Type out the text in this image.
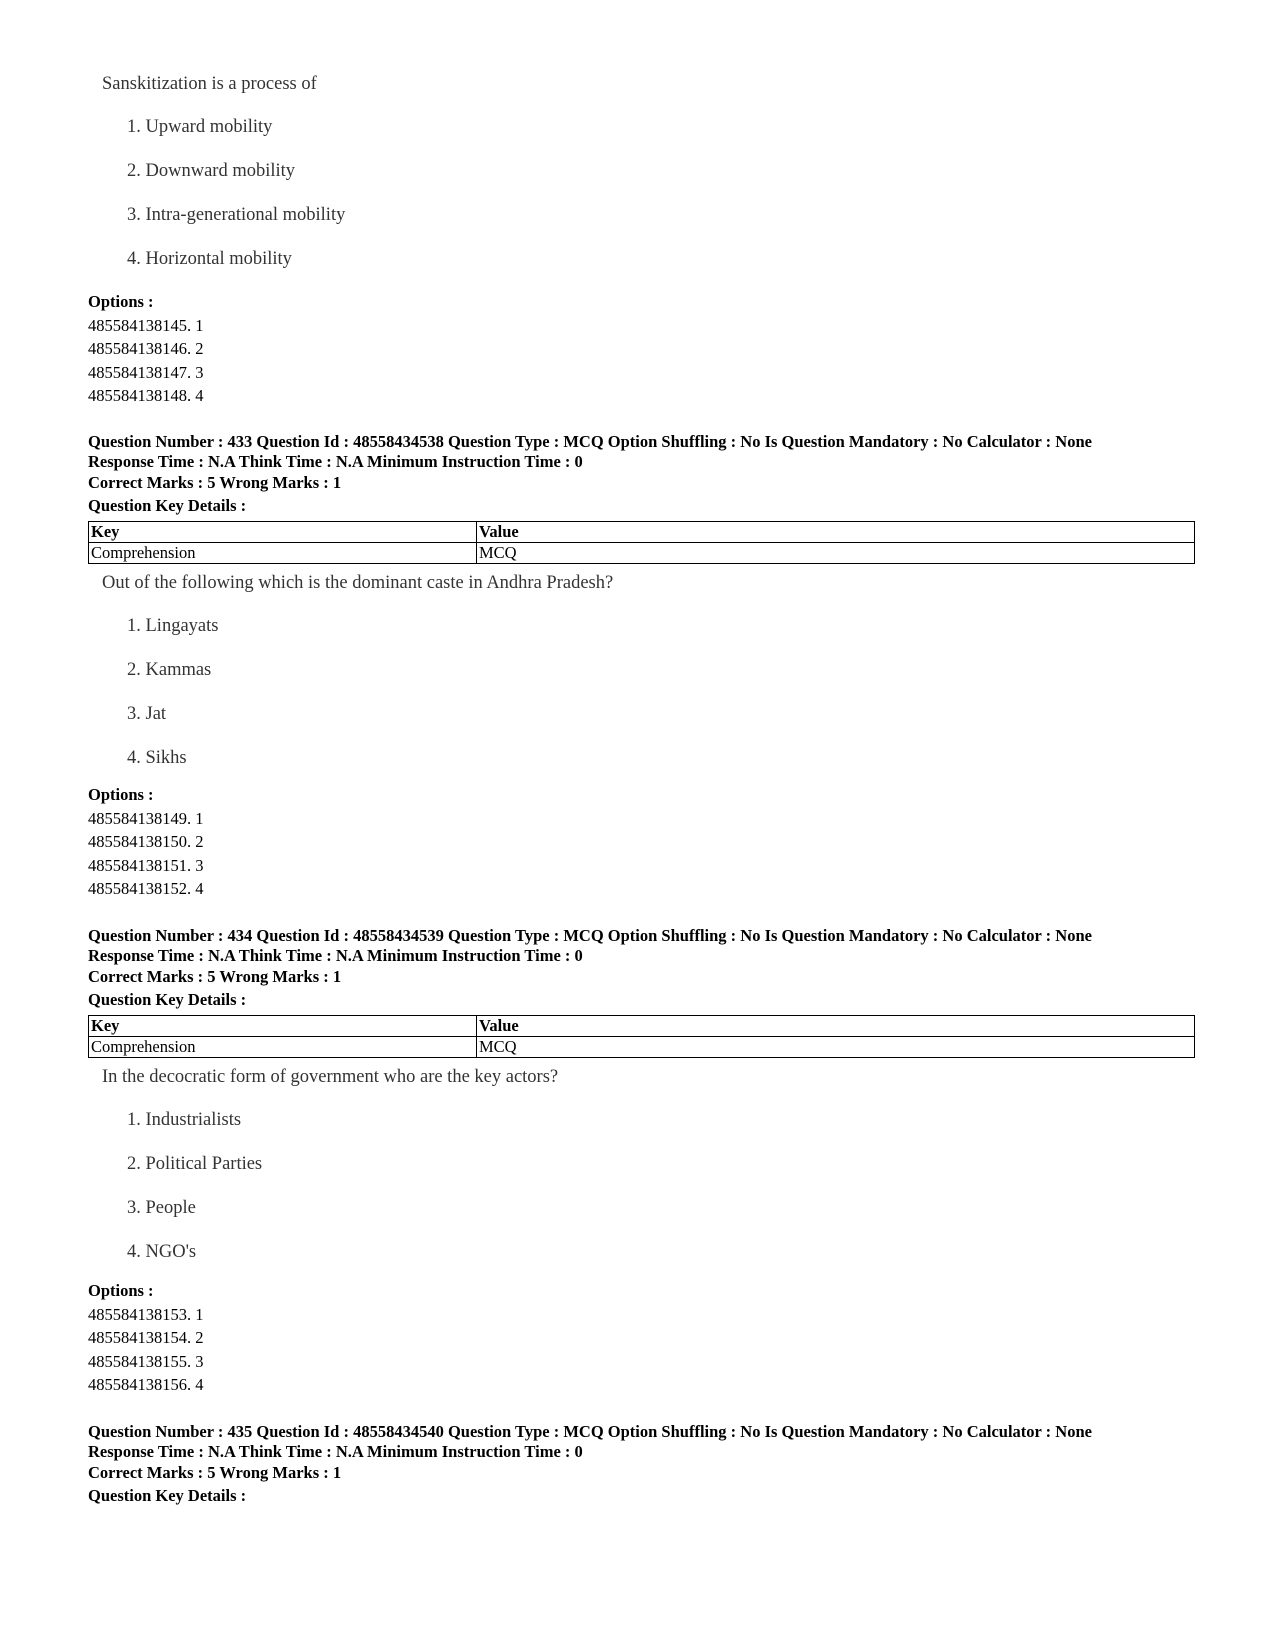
Sanskitization is a process of

1. Upward mobility

2. Downward mobility

3. Intra-generational mobility

4. Horizontal mobility

Options :
485584138145. 1
485584138146. 2
485584138147. 3
485584138148. 4
Question Number : 433 Question Id : 48558434538 Question Type : MCQ Option Shuffling : No Is Question Mandatory : No Calculator : None
Response Time : N.A Think Time : N.A Minimum Instruction Time : 0
Correct Marks : 5 Wrong Marks : 1
Question Key Details :
Key	Value
Comprehension	MCQ

Out of the following which is the dominant caste in Andhra Pradesh?

1. Lingayats

2. Kammas

3. Jat

4. Sikhs

Options :
485584138149. 1
485584138150. 2
485584138151. 3
485584138152. 4
Question Number : 434 Question Id : 48558434539 Question Type : MCQ Option Shuffling : No Is Question Mandatory : No Calculator : None
Response Time : N.A Think Time : N.A Minimum Instruction Time : 0
Correct Marks : 5 Wrong Marks : 1
Question Key Details :
Key	Value
Comprehension	MCQ

In the decocratic form of government who are the key actors?

1. Industrialists

2. Political Parties

3. People

4. NGO's

Options :
485584138153. 1
485584138154. 2
485584138155. 3
485584138156. 4
Question Number : 435 Question Id : 48558434540 Question Type : MCQ Option Shuffling : No Is Question Mandatory : No Calculator : None
Response Time : N.A Think Time : N.A Minimum Instruction Time : 0
Correct Marks : 5 Wrong Marks : 1
Question Key Details :
